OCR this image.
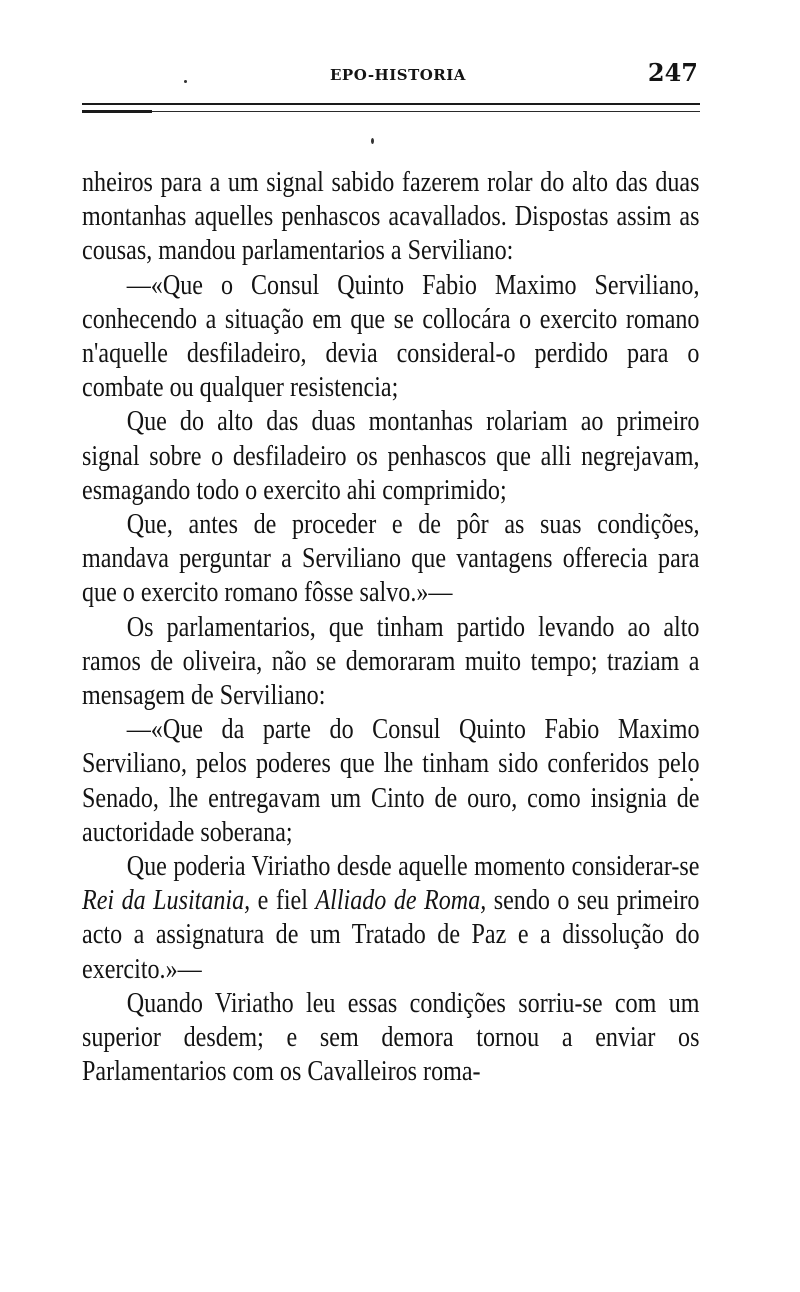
EPO-HISTORIA	247

nheiros para a um signal sabido fazerem rolar do alto das duas montanhas aquelles penhascos acavallados. Dispostas assim as cousas, mandou parlamentarios a Serviliano:

—«Que o Consul Quinto Fabio Maximo Serviliano, conhecendo a situação em que se collocára o exercito romano n'aquelle desfiladeiro, devia consideral-o perdido para o combate ou qualquer resistencia;

Que do alto das duas montanhas rolariam ao primeiro signal sobre o desfiladeiro os penhascos que alli negrejavam, esmagando todo o exercito ahi comprimido;

Que, antes de proceder e de pôr as suas condições, mandava perguntar a Serviliano que vantagens offerecia para que o exercito romano fôsse salvo.»—

Os parlamentarios, que tinham partido levando ao alto ramos de oliveira, não se demoraram muito tempo; traziam a mensagem de Serviliano:

—«Que da parte do Consul Quinto Fabio Maximo Serviliano, pelos poderes que lhe tinham sido conferidos pelo Senado, lhe entregavam um Cinto de ouro, como insignia de auctoridade soberana;

Que poderia Viriatho desde aquelle momento considerar-se Rei da Lusitania, e fiel Alliado de Roma, sendo o seu primeiro acto a assignatura de um Tratado de Paz e a dissolução do exercito.»—

Quando Viriatho leu essas condições sorriu-se com um superior desdem; e sem demora tornou a enviar os Parlamentarios com os Cavalleiros roma-
